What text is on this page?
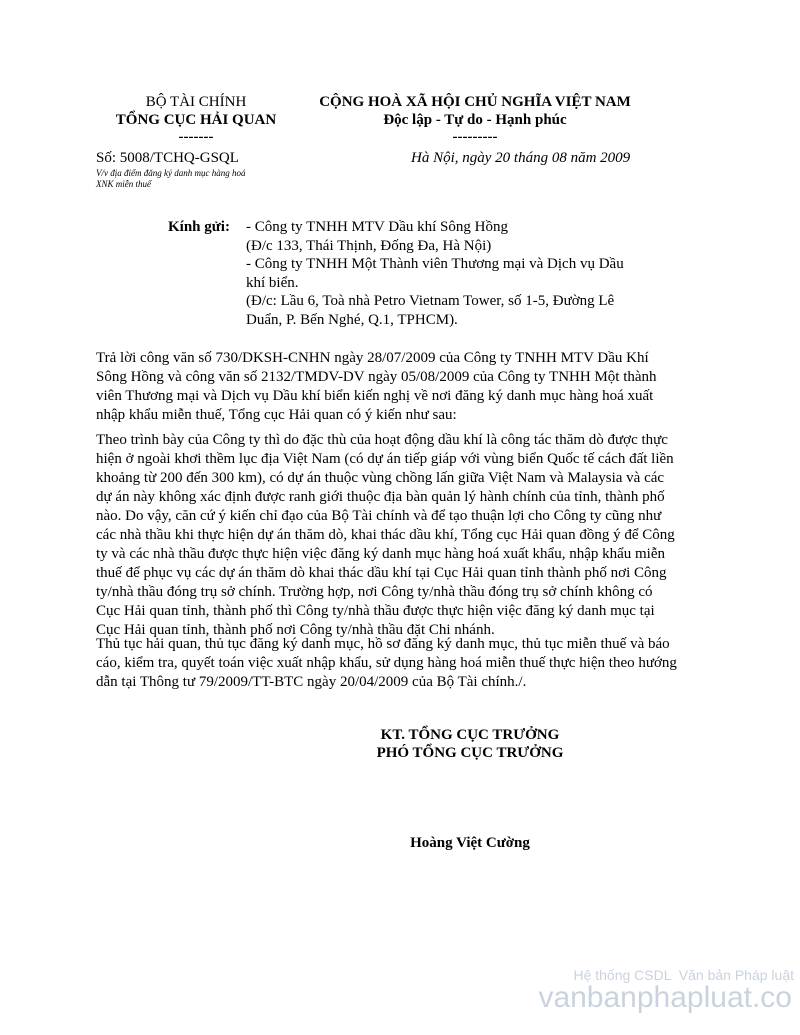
BỘ TÀI CHÍNH
TỔNG CỤC HẢI QUAN
-------
Số: 5008/TCHQ-GSQL
V/v địa điểm đăng ký danh mục hàng hoá
XNK miễn thuế
CỘNG HOÀ XÃ HỘI CHỦ NGHĨA VIỆT NAM
Độc lập - Tự do - Hạnh phúc
---------
Hà Nội, ngày 20 tháng 08 năm 2009
Kính gửi: - Công ty TNHH MTV Dầu khí Sông Hồng
(Đ/c 133, Thái Thịnh, Đống Đa, Hà Nội)
- Công ty TNHH Một Thành viên Thương mại và Dịch vụ Dầu
khí biển.
(Đ/c: Lầu 6, Toà nhà Petro Vietnam Tower, số 1-5, Đường Lê
Duẩn, P. Bến Nghé, Q.1, TPHCM).
Trả lời công văn số 730/DKSH-CNHN ngày 28/07/2009 của Công ty TNHH MTV Dầu Khí
Sông Hồng và công văn số 2132/TMDV-DV ngày 05/08/2009 của Công ty TNHH Một thành
viên Thương mại và Dịch vụ Dầu khí biển kiến nghị về nơi đăng ký danh mục hàng hoá xuất
nhập khẩu miễn thuế, Tổng cục Hải quan có ý kiến như sau:
Theo trình bày của Công ty thì do đặc thù của hoạt động dầu khí là công tác thăm dò được thực
hiện ở ngoài khơi thềm lục địa Việt Nam (có dự án tiếp giáp với vùng biển Quốc tế cách đất liền
khoảng từ 200 đến 300 km), có dự án thuộc vùng chồng lấn giữa Việt Nam và Malaysia và các
dự án này không xác định được ranh giới thuộc địa bàn quản lý hành chính của tỉnh, thành phố
nào. Do vậy, căn cứ ý kiến chỉ đạo của Bộ Tài chính và để tạo thuận lợi cho Công ty cũng như
các nhà thầu khi thực hiện dự án thăm dò, khai thác dầu khí, Tổng cục Hải quan đồng ý để Công
ty và các nhà thầu được thực hiện việc đăng ký danh mục hàng hoá xuất khẩu, nhập khẩu miễn
thuế để phục vụ các dự án thăm dò khai thác dầu khí tại Cục Hải quan tỉnh thành phố nơi Công
ty/nhà thầu đóng trụ sở chính. Trường hợp, nơi Công ty/nhà thầu đóng trụ sở chính không có
Cục Hải quan tỉnh, thành phố thì Công ty/nhà thầu được thực hiện việc đăng ký danh mục tại
Cục Hải quan tỉnh, thành phố nơi Công ty/nhà thầu đặt Chi nhánh.
Thủ tục hải quan, thủ tục đăng ký danh mục, hồ sơ đăng ký danh mục, thủ tục miễn thuế và báo
cáo, kiểm tra, quyết toán việc xuất nhập khẩu, sử dụng hàng hoá miễn thuế thực hiện theo hướng
dẫn tại Thông tư 79/2009/TT-BTC ngày 20/04/2009 của Bộ Tài chính./.
KT. TỔNG CỤC TRƯỞNG
PHÓ TỔNG CỤC TRƯỞNG
Hoàng Việt Cường
Hệ thống CSDL  Văn bản Pháp luật
vanbanphapluat.co
